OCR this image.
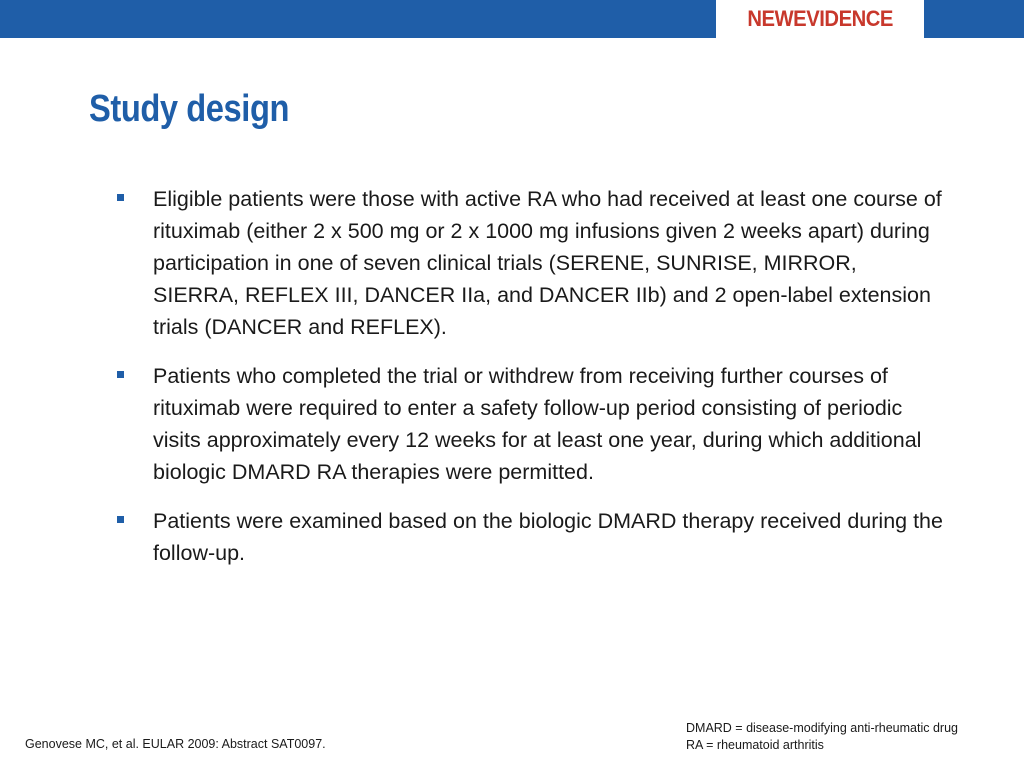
NEWEVIDENCE
Study design
Eligible patients were those with active RA who had received at least one course of rituximab (either 2 x 500 mg or 2 x 1000 mg infusions given 2 weeks apart) during participation in one of seven clinical trials (SERENE, SUNRISE, MIRROR, SIERRA, REFLEX III, DANCER IIa, and DANCER IIb) and 2 open-label extension trials (DANCER and REFLEX).
Patients who completed the trial or withdrew from receiving further courses of rituximab were required to enter a safety follow-up period consisting of periodic visits approximately every 12 weeks for at least one year, during which additional biologic DMARD RA therapies were permitted.
Patients were examined based on the biologic DMARD therapy received during the follow-up.
Genovese MC, et al. EULAR 2009: Abstract SAT0097.
DMARD = disease-modifying anti-rheumatic drug
RA = rheumatoid arthritis
